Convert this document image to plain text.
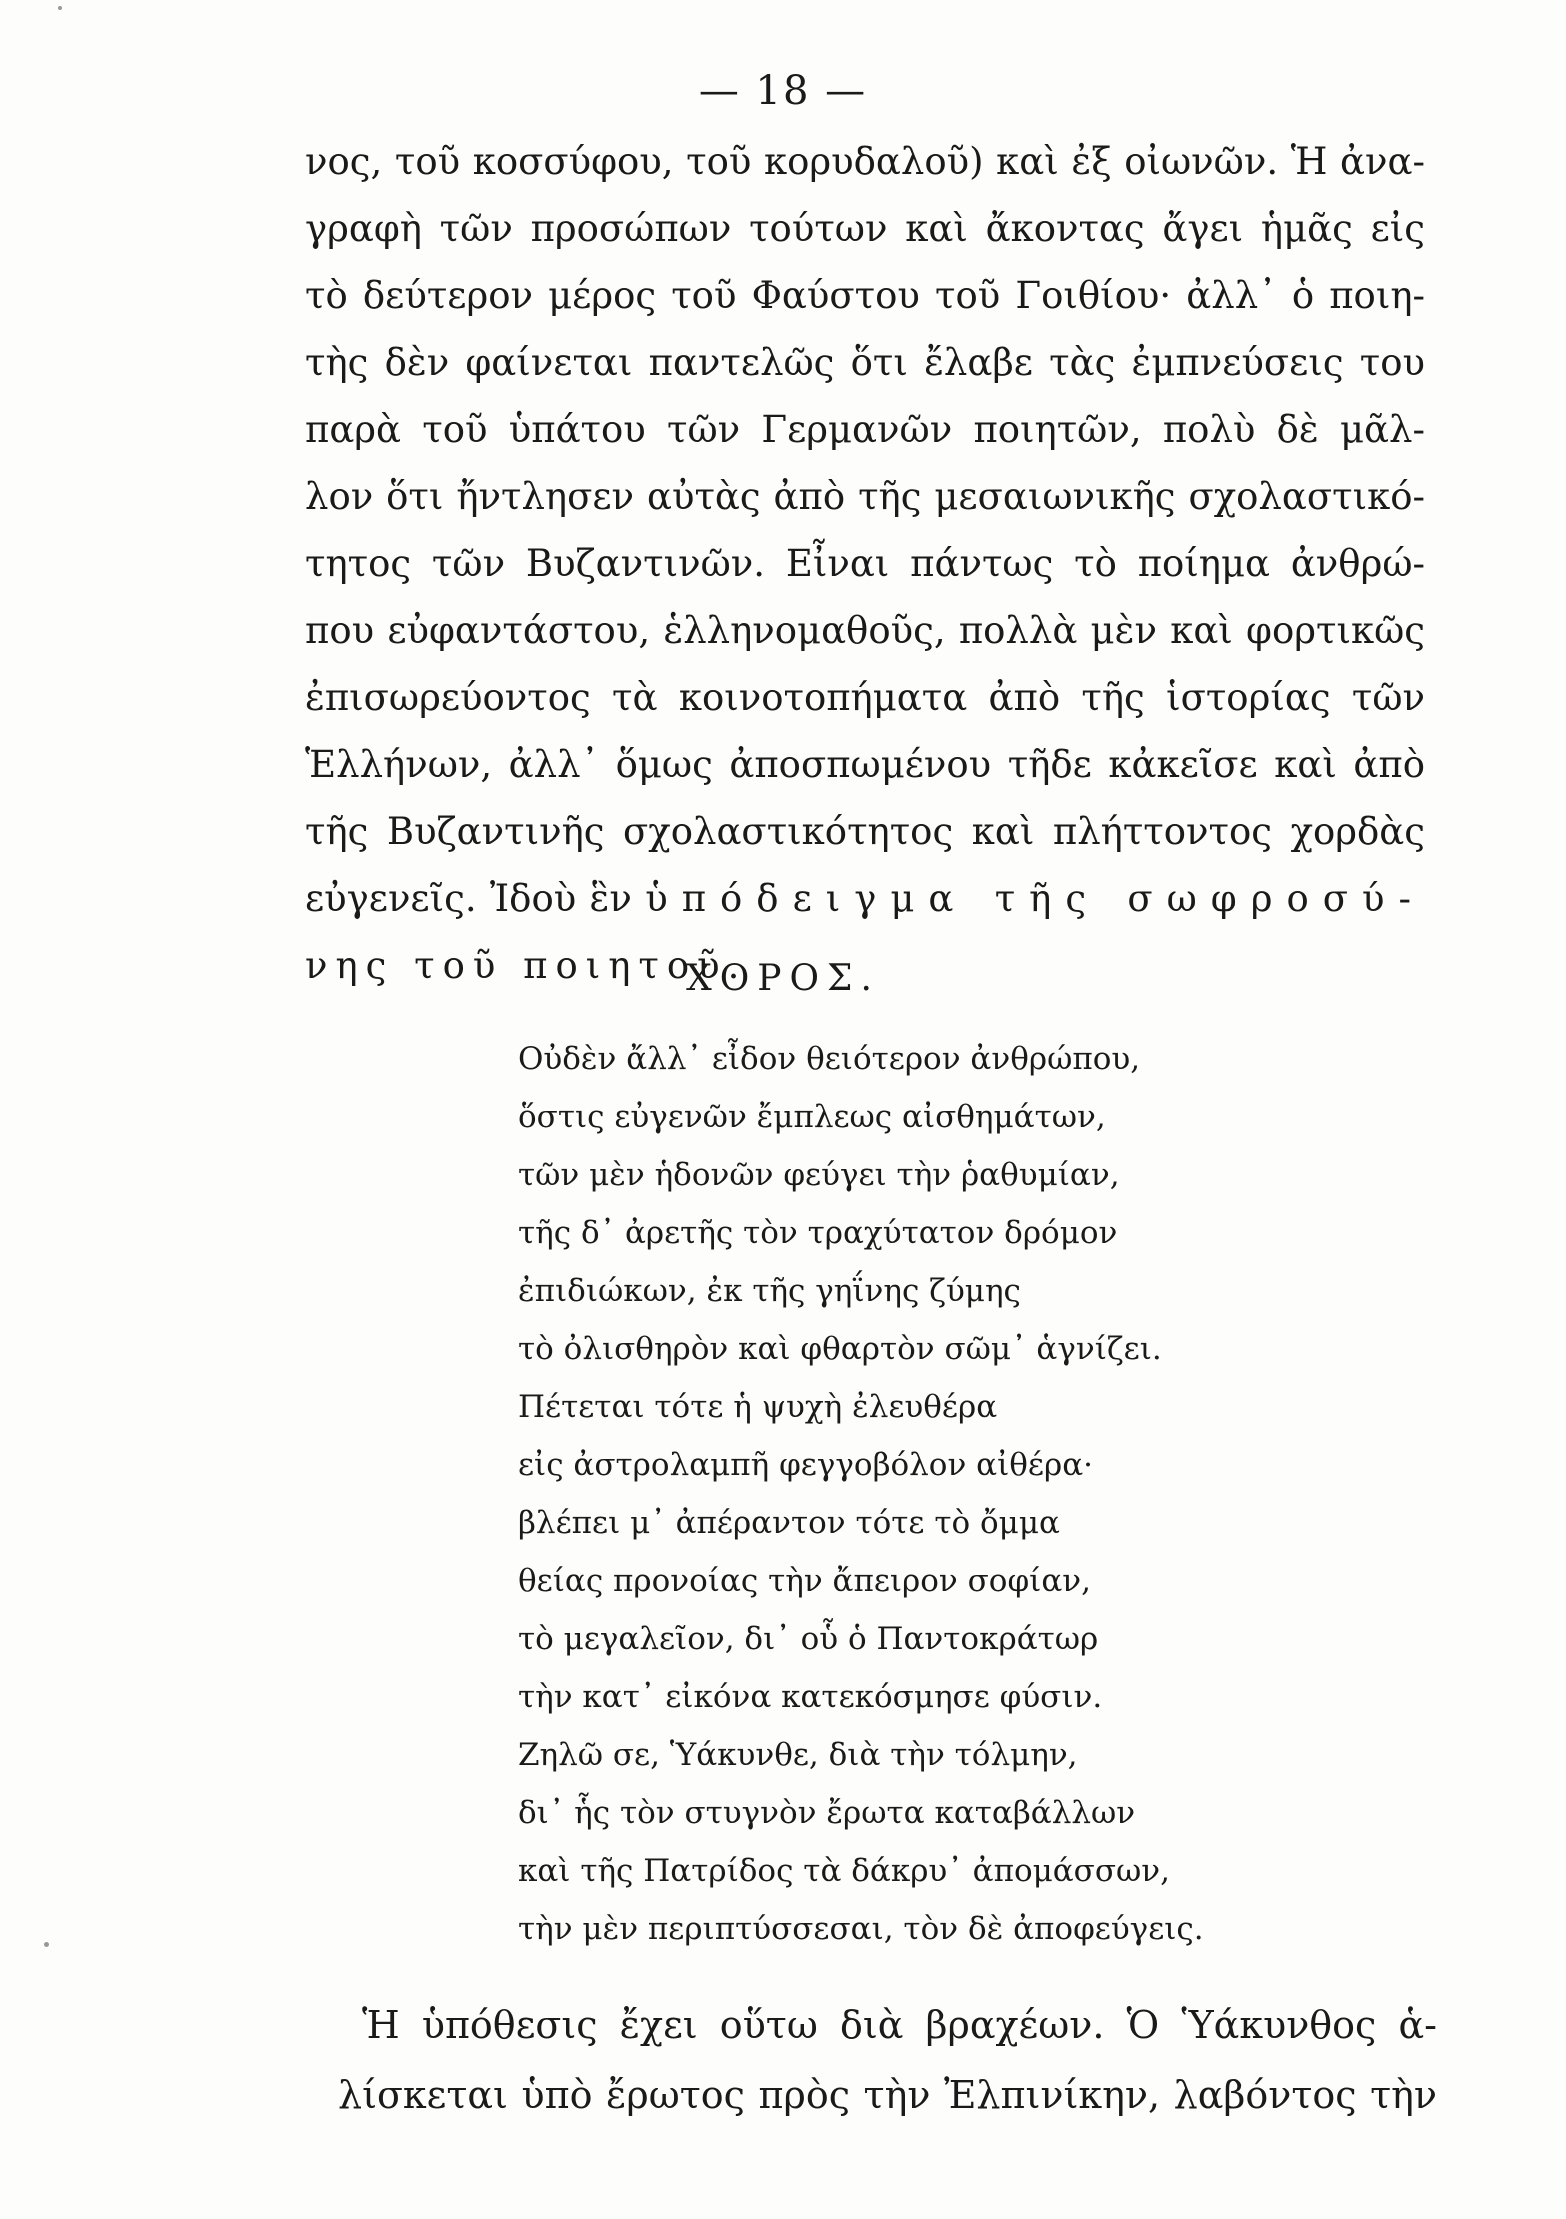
— 18 —
νος, τοῦ κοσσύφου, τοῦ κορυδαλοῦ) καὶ ἐξ οἰωνῶν. Ἡ ἀνα-
γραφὴ τῶν προσώπων τούτων καὶ ἄκοντας ἄγει ἡμᾶς εἰς
τὸ δεύτερον μέρος τοῦ Φαύστου τοῦ Γοιθίου· ἀλλ᾽ ὁ ποιη-
τὴς δὲν φαίνεται παντελῶς ὅτι ἔλαβε τὰς ἐμπνεύσεις του
παρὰ τοῦ ὑπάτου τῶν Γερμανῶν ποιητῶν, πολὺ δὲ μᾶλ-
λον ὅτι ἤντλησεν αὐτὰς ἀπὸ τῆς μεσαιωνικῆς σχολαστικό-
τητος τῶν Βυζαντινῶν. Εἶναι πάντως τὸ ποίημα ἀνθρώ-
που εὐφαντάστου, ἑλληνομαθοῦς, πολλὰ μὲν καὶ φορτικῶς
ἐπισωρεύοντος τὰ κοινοτοπήματα ἀπὸ τῆς ἱστορίας τῶν
Ἑλλήνων, ἀλλ᾽ ὅμως ἀποσπωμένου τῆδε κἀκεῖσε καὶ ἀπὸ
τῆς Βυζαντινῆς σχολαστικότητος καὶ πλήττοντος χορδὰς
εὐγενεῖς. Ἰδοὺ ἓν ὑπόδειγμα τῆς σωφροσύ-
νης τοῦ ποιητοῦ.
ΧΟΡΟΣ.
Οὐδὲν ἄλλ᾽ εἶδον θειότερον ἀνθρώπου,
ὅστις εὐγενῶν ἔμπλεως αἰσθημάτων,
τῶν μὲν ἡδονῶν φεύγει τὴν ῥαθυμίαν,
τῆς δ᾽ ἀρετῆς τὸν τραχύτατον δρόμον
ἐπιδιώκων, ἐκ τῆς γηΐνης ζύμης
τὸ ὀλισθηρὸν καὶ φθαρτὸν σῶμ᾽ ἁγνίζει.
Πέτεται τότε ἡ ψυχὴ ἐλευθέρα
εἰς ἀστρολαμπῆ φεγγοβόλον αἰθέρα·
βλέπει μ᾽ ἀπέραντον τότε τὸ ὄμμα
θείας προνοίας τὴν ἄπειρον σοφίαν,
τὸ μεγαλεῖον, δι᾽ οὗ ὁ Παντοκράτωρ
τὴν κατ᾽ εἰκόνα κατεκόσμησε φύσιν.
Ζηλῶ σε, Ὑάκυνθε, διὰ τὴν τόλμην,
δι᾽ ἧς τὸν στυγνὸν ἔρωτα καταβάλλων
καὶ τῆς Πατρίδος τὰ δάκρυ᾽ ἀπομάσσων,
τὴν μὲν περιπτύσσεσαι, τὸν δὲ ἀποφεύγεις.
Ἡ ὑπόθεσις ἔχει οὕτω διὰ βραχέων. Ὁ Ὑάκυνθος ἁ-
λίσκεται ὑπὸ ἔρωτος πρὸς τὴν Ἐλπινίκην, λαβόντος τὴν
